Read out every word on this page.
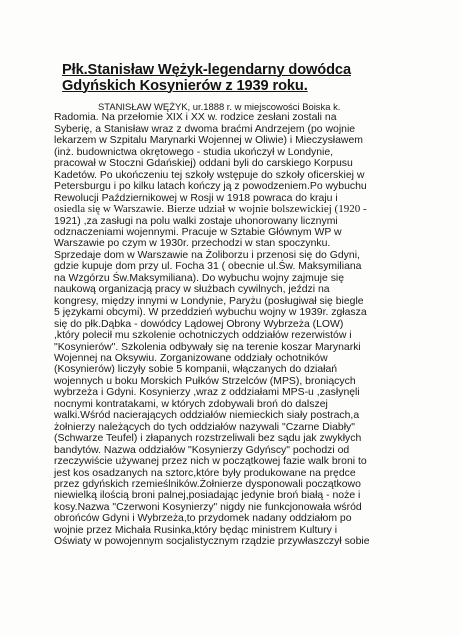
Płk.Stanisław Wężyk-legendarny dowódca
Gdyńskich Kosynierów z 1939 roku.
STANISŁAW WĘŻYK, ur.1888 r. w miejscowości Boiska k.
Radomia. Na przełomie XIX i XX w. rodzice zesłani zostali na
Syberię, a Stanisław wraz z dwoma braćmi Andrzejem (po wojnie
lekarzem w Szpitalu Marynarki Wojennej w Oliwie) i Mieczysławem
(inż. budownictwa okrętowego - studia ukończył w Londynie,
pracował w Stoczni Gdańskiej) oddani byli do carskiego Korpusu
Kadetów. Po ukończeniu tej szkoły wstępuje do szkoły oficerskiej w
Petersburgu i po kilku latach kończy ją z powodzeniem.Po wybuchu
Rewolucji Październikowej w Rosji w 1918 powraca do kraju i
osiedla się w Warszawie. Bierze udział w wojnie bolszewickiej (1920 -
1921) ,za zasługi na polu walki zostaje uhonorowany licznymi
odznaczeniami wojennymi. Pracuje w Sztabie Głównym WP w
Warszawie po czym w 1930r. przechodzi w stan spoczynku.
Sprzedaje dom w Warszawie na Żoliborzu i przenosi się do Gdyni,
gdzie kupuje dom przy ul. Focha 31 ( obecnie ul.Św. Maksymiliana
na Wzgórzu Św.Maksymiliana). Do wybuchu wojny zajmuje się
naukową organizacją pracy w służbach cywilnych, jeździ na
kongresy, między innymi w Londynie, Paryżu (posługiwał się biegle
5 językami obcymi). W przeddzień wybuchu wojny w 1939r. zgłasza
się do płk.Dąbka - dowódcy Lądowej Obrony Wybrzeża (LOW)
,który polecił mu szkolenie ochotniczych oddziałów rezerwistów i
"Kosynierów". Szkolenia odbywały się na terenie koszar Marynarki
Wojennej na Oksywiu. Zorganizowane oddziały ochotników
(Kosynierów) liczyły sobie 5 kompanii, włączanych do działań
wojennych u boku Morskich Pułków Strzelców (MPS), broniących
wybrzeża i Gdyni. Kosynierzy ,wraz z oddziałami MPS-u ,zasłynęli
nocnymi kontratakami, w których zdobywali broń do dalszej
walki.Wśród nacierających oddziałów niemieckich siały postrach,a
żołnierzy należących do tych oddziałów nazywali "Czarne Diabły"
(Schwarze Teufel) i złapanych rozstrzeliwali bez sądu jak zwykłych
bandytów. Nazwa oddziałów "Kosynierzy Gdyńscy" pochodzi od
rzeczywiście używanej przez nich w początkowej fazie walk broni to
jest kos osadzanych na sztorc,które były produkowane na prędce
przez gdyńskich rzemieślników.Żołnierze dysponowali początkowo
niewielką ilością broni palnej,posiadając jedynie broń białą - noże i
kosy.Nazwa "Czerwoni Kosynierzy" nigdy nie funkcjonowała wśród
obrońców Gdyni i Wybrzeża,to przydomek nadany oddziałom po
wojnie przez Michała Rusinka,który będąc ministrem Kultury i
Oświaty w powojennym socjalistycznym rządzie przywłaszczył sobie
